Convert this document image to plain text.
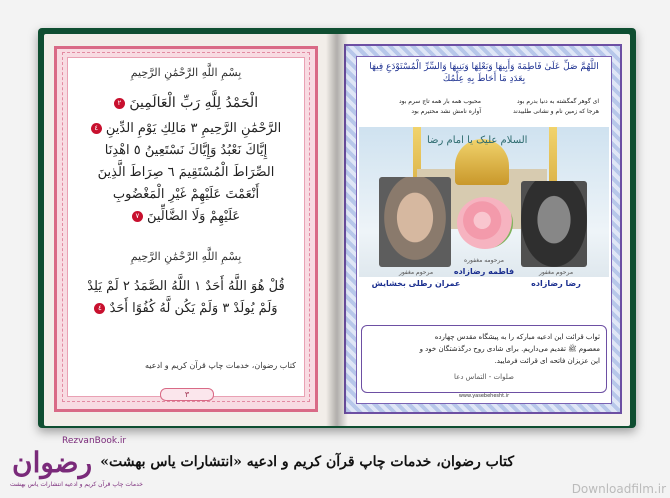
بِسْمِ اللَّهِ الرَّحْمَٰنِ الرَّحِيمِ
الْحَمْدُ لِلَّهِ رَبِّ الْعَالَمِينَ ٢
الرَّحْمَٰنِ الرَّحِيمِ ٣ مَالِكِ يَوْمِ الدِّينِ ٤
إِيَّاكَ نَعْبُدُ وَإِيَّاكَ نَسْتَعِينُ ٥ اهْدِنَا
الصِّرَاطَ الْمُسْتَقِيمَ ٦ صِرَاطَ الَّذِينَ
أَنْعَمْتَ عَلَيْهِمْ غَيْرِ الْمَغْضُوبِ
عَلَيْهِمْ وَلَا الضَّالِّينَ ٧
بِسْمِ اللَّهِ الرَّحْمَٰنِ الرَّحِيمِ
قُلْ هُوَ اللَّهُ أَحَدٌ ١ اللَّهُ الصَّمَدُ ٢ لَمْ يَلِدْ
وَلَمْ يُولَدْ ٣ وَلَمْ يَكُن لَّهُ كُفُوًا أَحَدٌ ٤
کتاب رضوان، خدمات چاپ قرآن کریم و ادعیه
٣
اللَّهُمَّ صَلِّ عَلَىٰ فَاطِمَةَ وَأَبِيهَا وَبَعْلِهَا وَبَنِيهَا وَالسِّرِّ الْمُسْتَوْدَعِ فِيهَا بِعَدَدِ مَا أَحَاطَ بِهِ عِلْمُكَ
ای گوهر گمگشته به دنیا بدرم بود
محبوب همه بار همه تاج سرم بود
هرجا که زمین نام و نشانی طلبیدند
آواره نامش نشد محتیرم بود
السلام علیک یا امام رضا
مرحوم مغفور
عمران رطلی بخشایش
مرحومه مغفوره
فاطمه رضازاده	مرحوم مغفور
رضا رضازاده
ثواب قرائت این ادعیه مبارکه را به پیشگاه مقدس چهارده
معصوم ﷺ تقدیم می‌داریم. برای شادی روح درگذشتگان خود و
این عزیزان فاتحه ای قرائت فرمایید.
صلوات - التماس دعا
www.yasebehesht.ir
RezvanBook.ir
رضوان
خدمات چاپ قرآن کریم و ادعیه انتشارات یاس بهشت
کتاب رضوان، خدمات چاپ قرآن کریم و ادعیه «انتشارات یاس بهشت»
Downloadfilm.ir
